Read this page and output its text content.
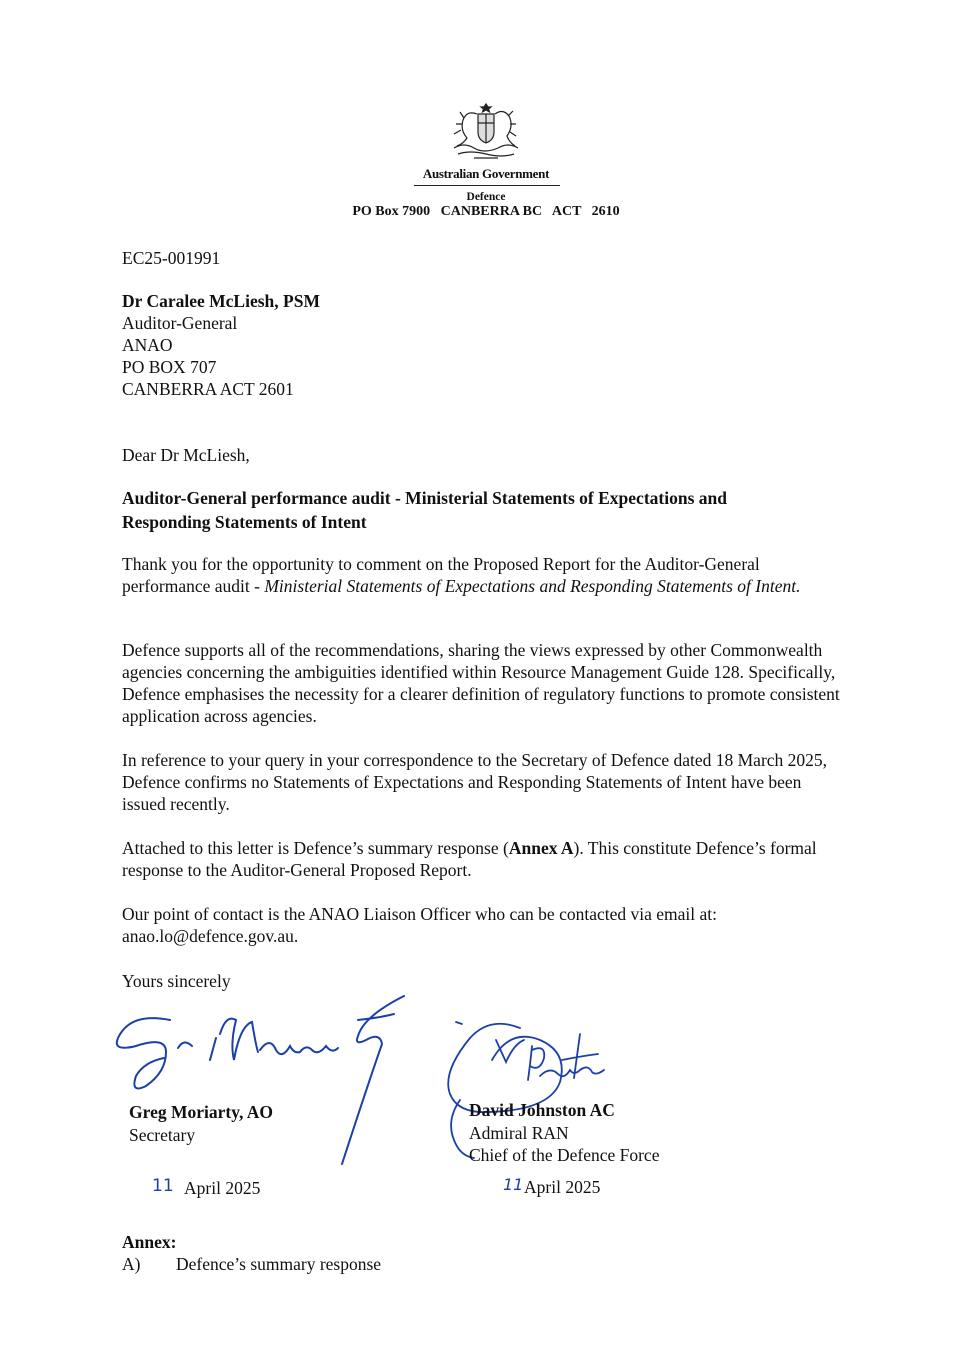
Australian Government
Defence
PO Box 7900   CANBERRA BC   ACT   2610
EC25-001991
Dr Caralee McLiesh, PSM
Auditor-General
ANAO
PO BOX 707
CANBERRA ACT 2601
Dear Dr McLiesh,
Auditor-General performance audit - Ministerial Statements of Expectations and
Responding Statements of Intent
Thank you for the opportunity to comment on the Proposed Report for the Auditor-General performance audit - Ministerial Statements of Expectations and Responding Statements of Intent.
Defence supports all of the recommendations, sharing the views expressed by other Commonwealth agencies concerning the ambiguities identified within Resource Management Guide 128. Specifically, Defence emphasises the necessity for a clearer definition of regulatory functions to promote consistent application across agencies.
In reference to your query in your correspondence to the Secretary of Defence dated 18 March 2025, Defence confirms no Statements of Expectations and Responding Statements of Intent have been issued recently.
Attached to this letter is Defence’s summary response (Annex A). This constitute Defence’s formal response to the Auditor-General Proposed Report.
Our point of contact is the ANAO Liaison Officer who can be contacted via email at: anao.lo@defence.gov.au.
Yours sincerely
Greg Moriarty, AO
Secretary
David Johnston AC
Admiral RAN
Chief of the Defence Force
11 April 2025	11 April 2025
Annex:
A) Defence’s summary response
